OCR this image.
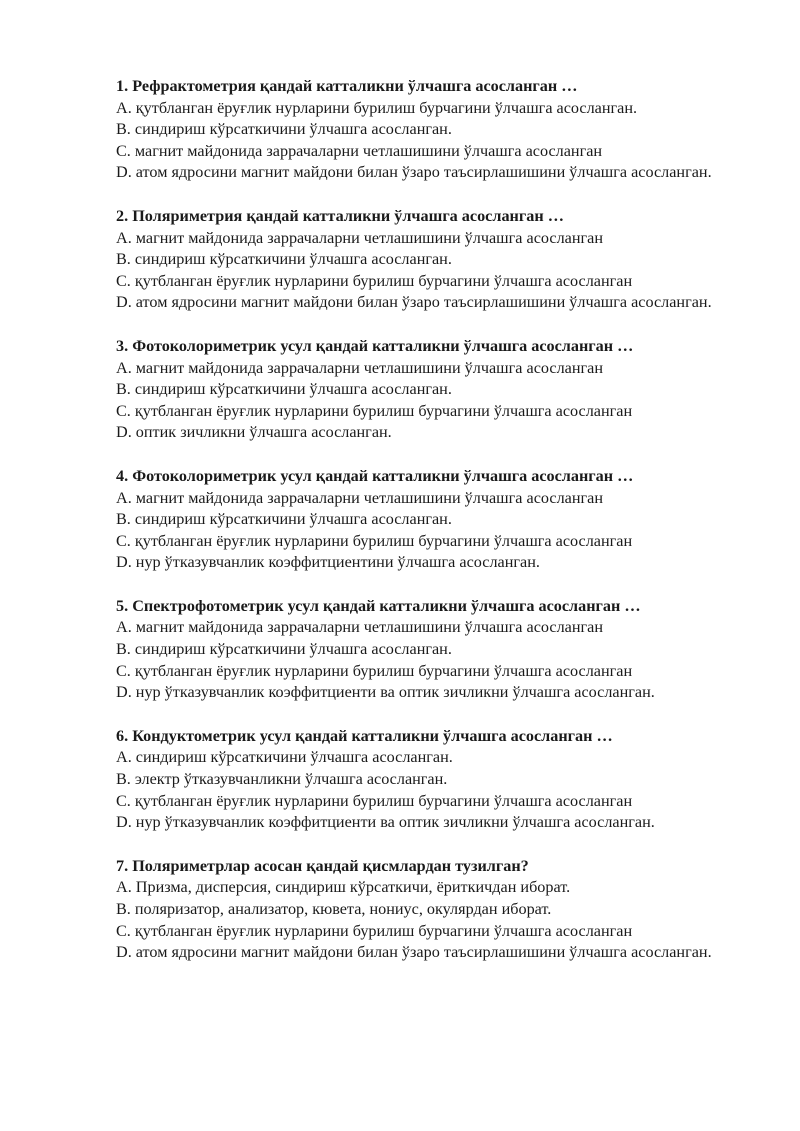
1. Рефрактометрия қандай катталикни ўлчашга асосланган …

A. қутбланган ёруғлик нурларини бурилиш бурчагини ўлчашга асосланган.

B. синдириш кўрсаткичини ўлчашга асосланган.

C. магнит майдонида заррачаларни четлашишини ўлчашга асосланган

D. атом ядросини магнит майдони билан ўзаро таъсирлашишини ўлчашга асосланган.

2. Поляриметрия қандай катталикни ўлчашга асосланган …

A. магнит майдонида заррачаларни четлашишини ўлчашга асосланган

B. синдириш кўрсаткичини ўлчашга асосланган.

C. қутбланган ёруғлик нурларини бурилиш бурчагини ўлчашга асосланган

D. атом ядросини магнит майдони билан ўзаро таъсирлашишини ўлчашга асосланган.

3. Фотоколориметрик усул қандай катталикни ўлчашга асосланган …

A. магнит майдонида заррачаларни четлашишини ўлчашга асосланган

B. синдириш кўрсаткичини ўлчашга асосланган.

C. қутбланган ёруғлик нурларини бурилиш бурчагини ўлчашга асосланган

D. оптик зичликни ўлчашга асосланган.

4. Фотоколориметрик усул қандай катталикни ўлчашга асосланган …

A. магнит майдонида заррачаларни четлашишини ўлчашга асосланган

B. синдириш кўрсаткичини ўлчашга асосланган.

C. қутбланган ёруғлик нурларини бурилиш бурчагини ўлчашга асосланган

D. нур ўтказувчанлик коэффитциентини ўлчашга асосланган.

5. Спектрофотометрик усул қандай катталикни ўлчашга асосланган …

A. магнит майдонида заррачаларни четлашишини ўлчашга асосланган

B. синдириш кўрсаткичини ўлчашга асосланган.

C. қутбланган ёруғлик нурларини бурилиш бурчагини ўлчашга асосланган

D. нур ўтказувчанлик коэффитциенти ва оптик зичликни ўлчашга асосланган.

6. Кондуктометрик усул қандай катталикни ўлчашга асосланган …

A. синдириш кўрсаткичини ўлчашга асосланган.

B. электр ўтказувчанликни ўлчашга асосланган.

C. қутбланган ёруғлик нурларини бурилиш бурчагини ўлчашга асосланган

D. нур ўтказувчанлик коэффитциенти ва оптик зичликни ўлчашга асосланган.

7. Поляриметрлар асосан қандай қисмлардан тузилган?

A. Призма, дисперсия, синдириш кўрсаткичи, ёриткичдан иборат.

B. поляризатор, анализатор, кювета, нониус, окулярдан иборат.

C. қутбланган ёруғлик нурларини бурилиш бурчагини ўлчашга асосланган

D. атом ядросини магнит майдони билан ўзаро таъсирлашишини ўлчашга асосланган.
